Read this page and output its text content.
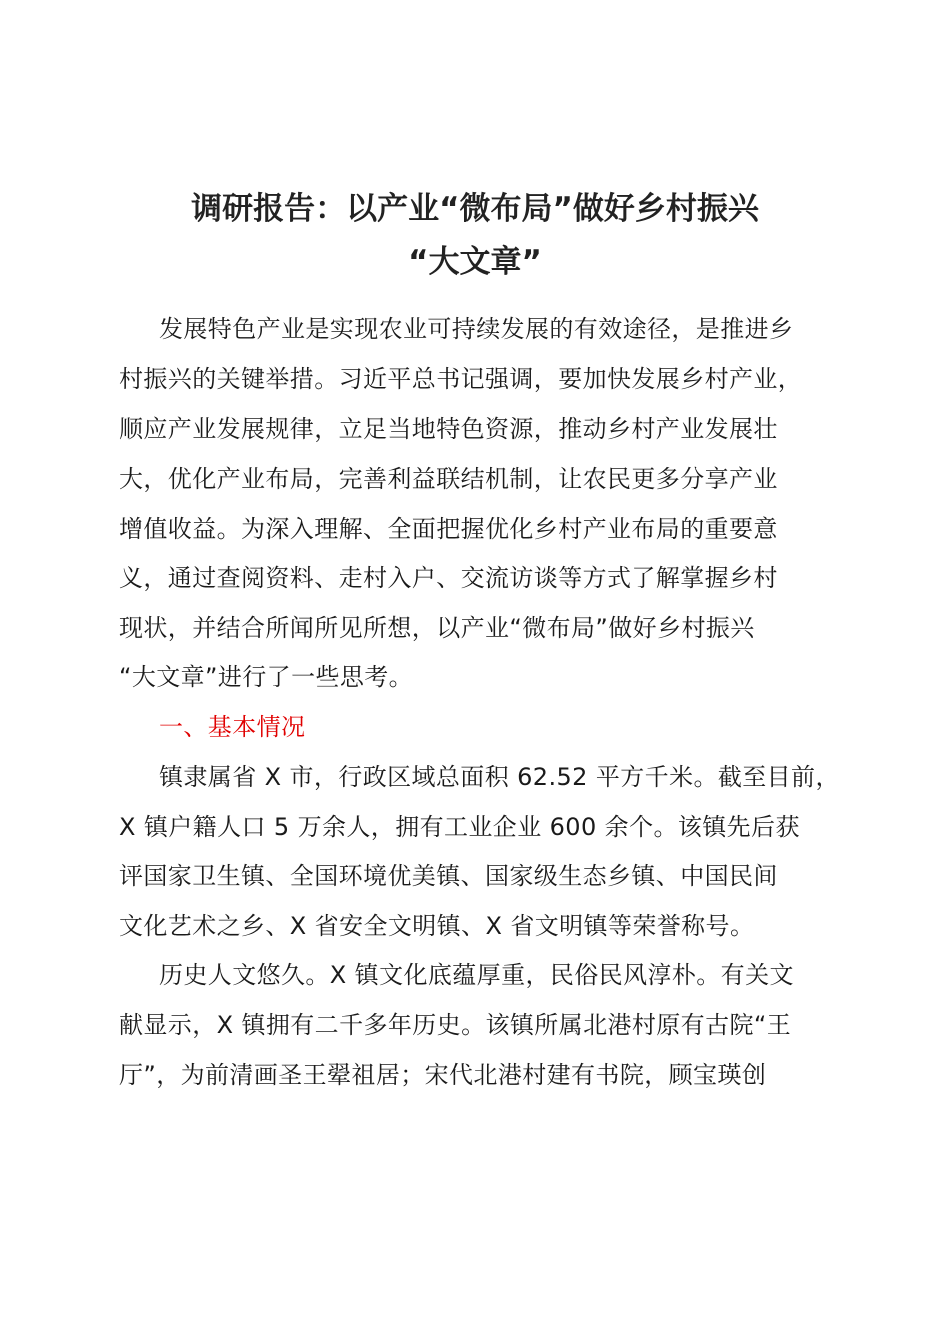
调研报告：以产业“微布局”做好乡村振兴
“大文章”

发展特色产业是实现农业可持续发展的有效途径，是推进乡

村振兴的关键举措。习近平总书记强调，要加快发展乡村产业，

顺应产业发展规律，立足当地特色资源，推动乡村产业发展壮

大，优化产业布局，完善利益联结机制，让农民更多分享产业

增值收益。为深入理解、全面把握优化乡村产业布局的重要意

义，通过查阅资料、走村入户、交流访谈等方式了解掌握乡村

现状，并结合所闻所见所想，以产业“微布局”做好乡村振兴

“大文章”进行了一些思考。

一、基本情况

镇隶属省 X 市，行政区域总面积 62.52 平方千米。截至目前，

X 镇户籍人口 5 万余人，拥有工业企业 600 余个。该镇先后获

评国家卫生镇、全国环境优美镇、国家级生态乡镇、中国民间

文化艺术之乡、X 省安全文明镇、X 省文明镇等荣誉称号。

历史人文悠久。X 镇文化底蕴厚重，民俗民风淳朴。有关文

献显示，X 镇拥有二千多年历史。该镇所属北港村原有古院“王

厅”，为前清画圣王翚祖居；宋代北港村建有书院，顾宝瑛创
